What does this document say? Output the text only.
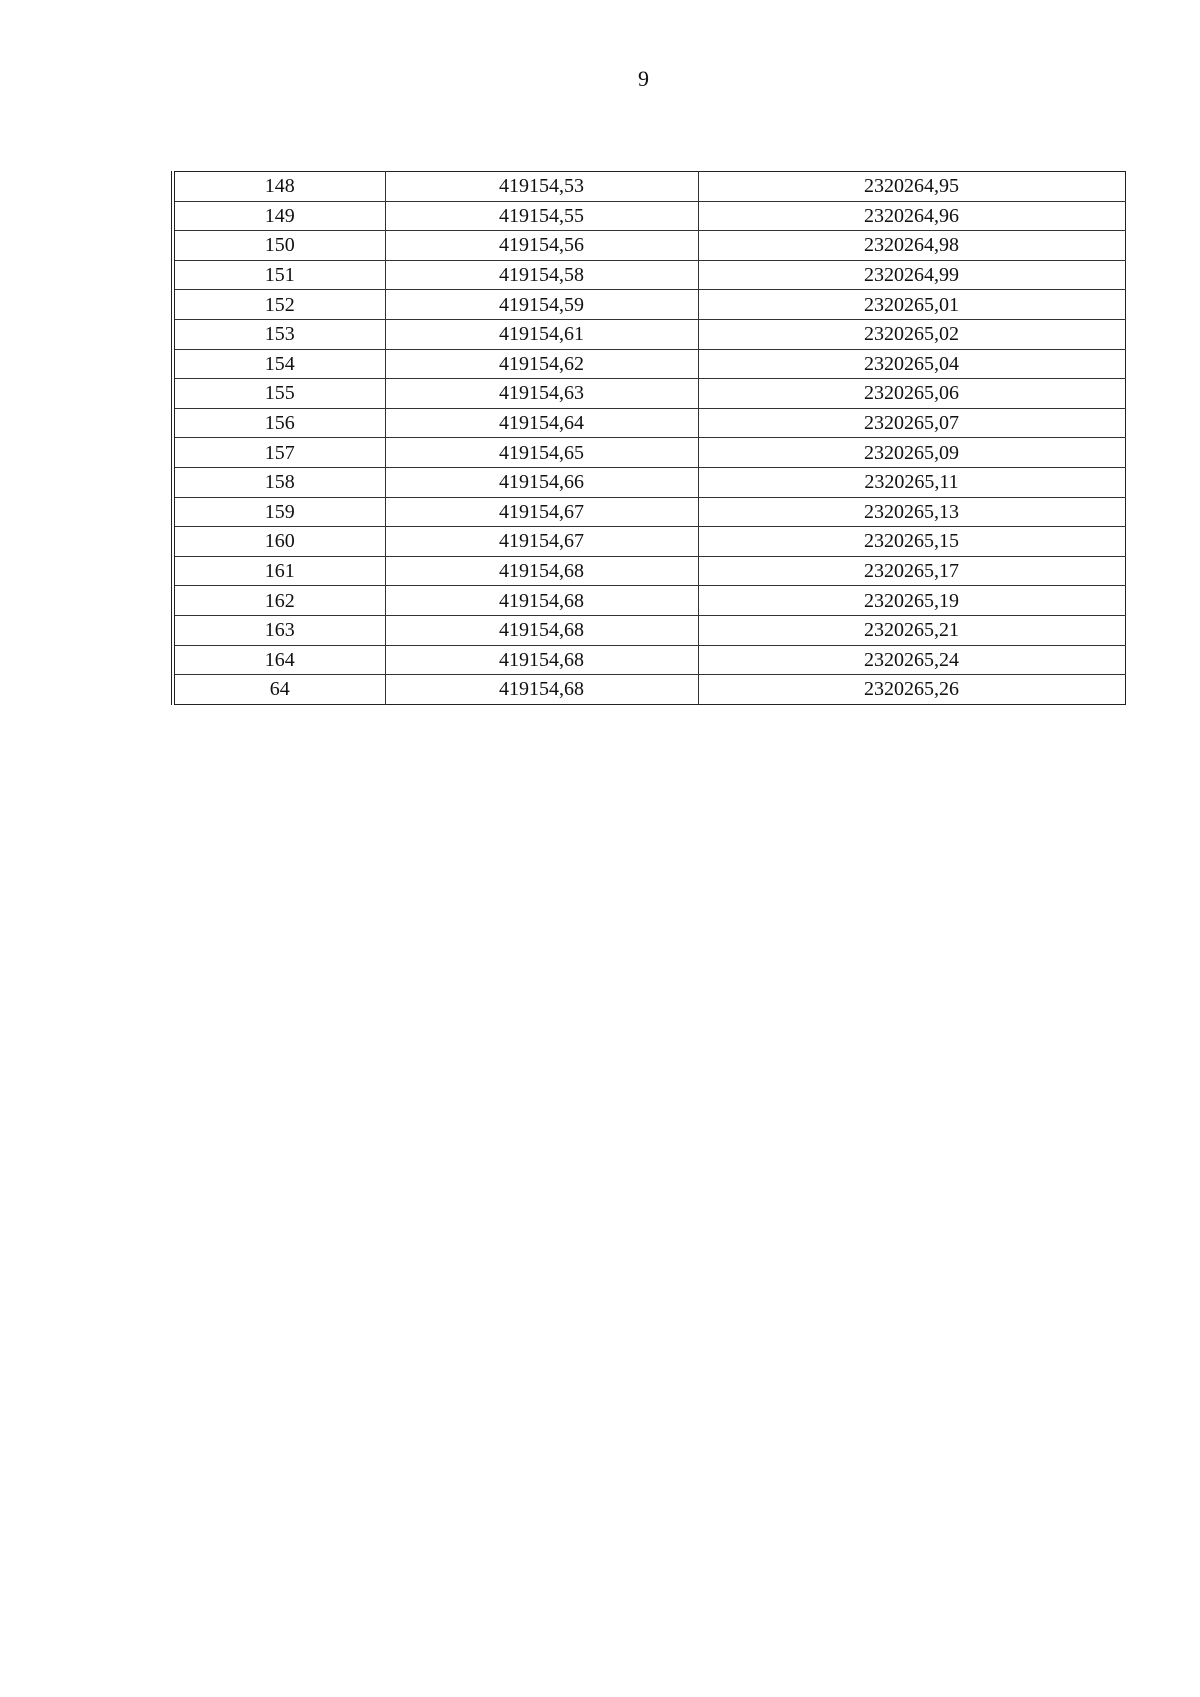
9
148	419154,53	2320264,95
149	419154,55	2320264,96
150	419154,56	2320264,98
151	419154,58	2320264,99
152	419154,59	2320265,01
153	419154,61	2320265,02
154	419154,62	2320265,04
155	419154,63	2320265,06
156	419154,64	2320265,07
157	419154,65	2320265,09
158	419154,66	2320265,11
159	419154,67	2320265,13
160	419154,67	2320265,15
161	419154,68	2320265,17
162	419154,68	2320265,19
163	419154,68	2320265,21
164	419154,68	2320265,24
64	419154,68	2320265,26
